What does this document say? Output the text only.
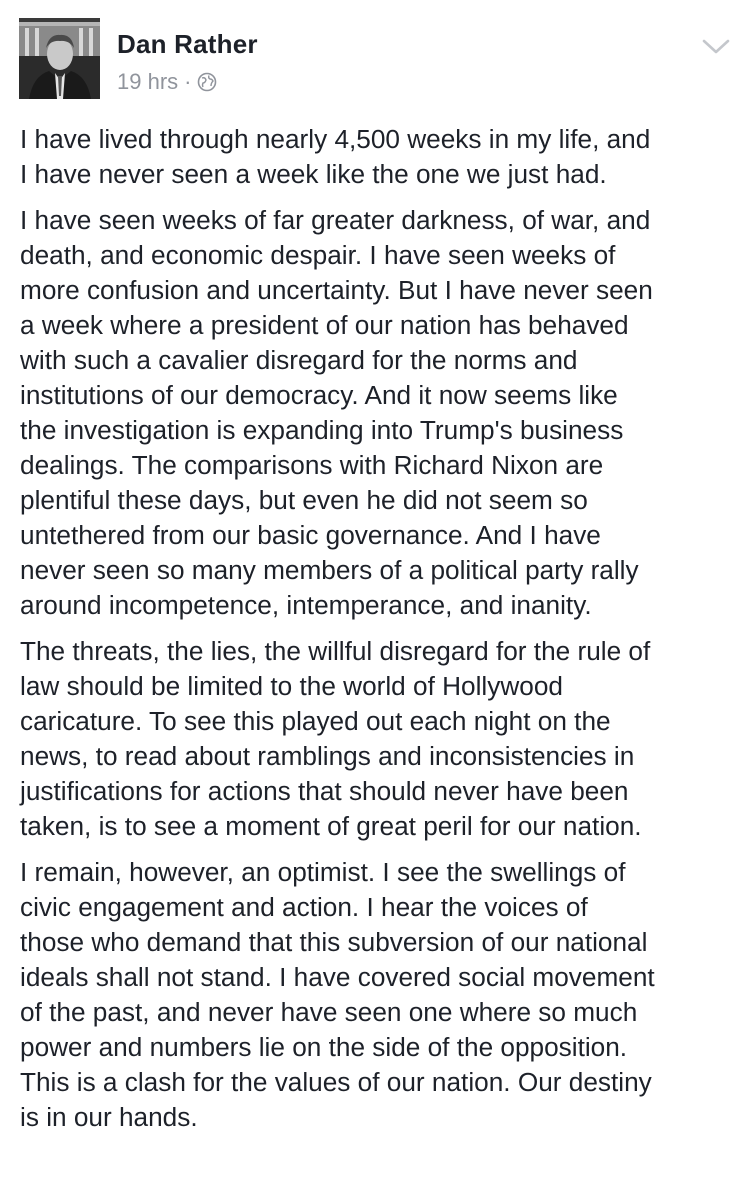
Dan Rather
19 hrs ·

I have lived through nearly 4,500 weeks in my life, and
I have never seen a week like the one we just had.

I have seen weeks of far greater darkness, of war, and
death, and economic despair. I have seen weeks of
more confusion and uncertainty. But I have never seen
a week where a president of our nation has behaved
with such a cavalier disregard for the norms and
institutions of our democracy. And it now seems like
the investigation is expanding into Trump's business
dealings. The comparisons with Richard Nixon are
plentiful these days, but even he did not seem so
untethered from our basic governance. And I have
never seen so many members of a political party rally
around incompetence, intemperance, and inanity.

The threats, the lies, the willful disregard for the rule of
law should be limited to the world of Hollywood
caricature. To see this played out each night on the
news, to read about ramblings and inconsistencies in
justifications for actions that should never have been
taken, is to see a moment of great peril for our nation.

I remain, however, an optimist. I see the swellings of
civic engagement and action. I hear the voices of
those who demand that this subversion of our national
ideals shall not stand. I have covered social movement
of the past, and never have seen one where so much
power and numbers lie on the side of the opposition.
This is a clash for the values of our nation. Our destiny
is in our hands.
